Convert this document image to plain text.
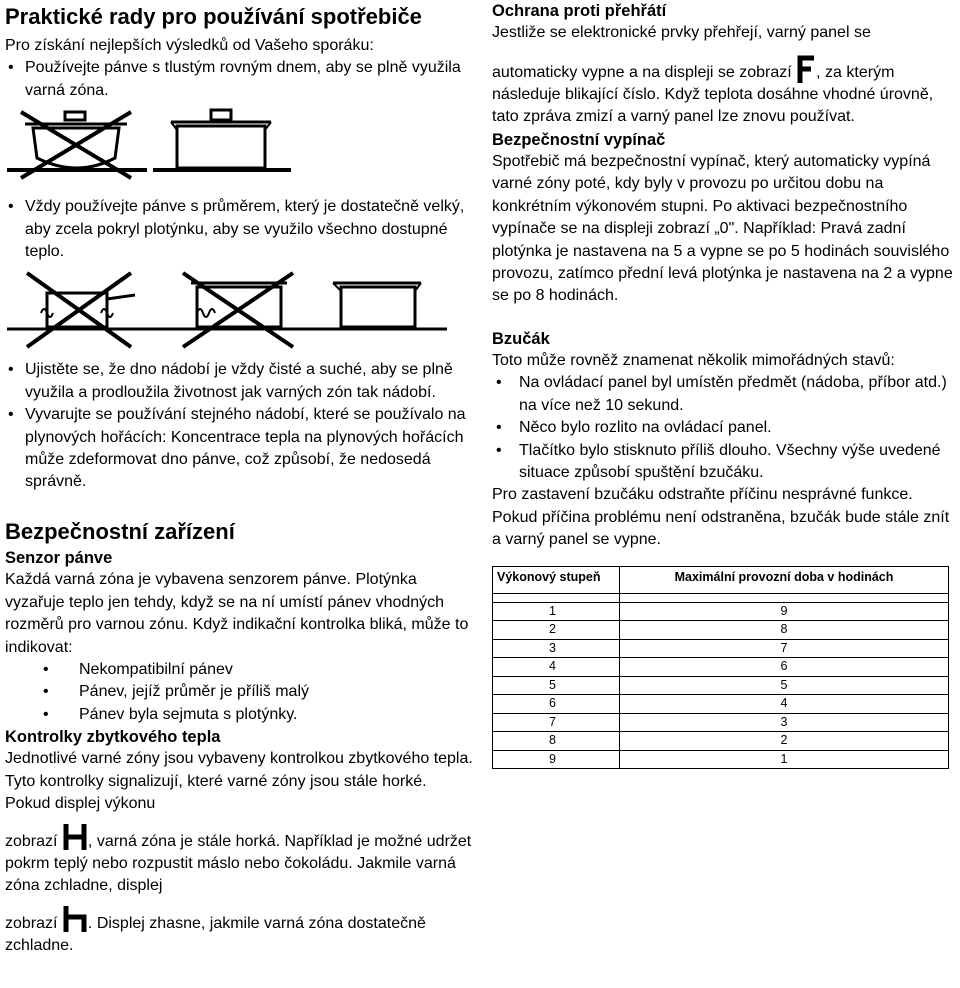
Praktické rady pro používání spotřebiče

Pro získání nejlepších výsledků od Vašeho sporáku:

• Používejte pánve s tlustým rovným dnem, aby se plně využila varná zóna.
• Vždy používejte pánve s průměrem, který je dostatečně velký, aby zcela pokryl plotýnku, aby se využilo všechno dostupné teplo.
• Ujistěte se, že dno nádobí je vždy čisté a suché, aby se plně využila a prodloužila životnost jak varných zón tak nádobí.
• Vyvarujte se používání stejného nádobí, které se používalo na plynových hořácích: Koncentrace tepla na plynových hořácích může zdeformovat dno pánve, což způsobí, že nedosedá správně.
Bezpečnostní zařízení
Senzor pánve

Každá varná zóna je vybavena senzorem pánve. Plotýnka vyzařuje teplo jen tehdy, když se na ní umístí pánev vhodných rozměrů pro varnou zónu. Když indikační kontrolka bliká, může to indikovat:

• Nekompatibilní pánev
• Pánev, jejíž průměr je příliš malý
• Pánev byla sejmuta s plotýnky.
Kontrolky zbytkového tepla

Jednotlivé varné zóny jsou vybaveny kontrolkou zbytkového tepla. Tyto kontrolky signalizují, které varné zóny jsou stále horké. Pokud displej výkonu

zobrazí , varná zóna je stále horká. Například je možné udržet pokrm teplý nebo rozpustit máslo nebo čokoládu. Jakmile varná zóna zchladne, displej

zobrazí . Displej zhasne, jakmile varná zóna dostatečně zchladne.

Ochrana proti přehřátí

Jestliže se elektronické prvky přehřejí, varný panel se

automaticky vypne a na displeji se zobrazí , za kterým následuje blikající číslo. Když teplota dosáhne vhodné úrovně, tato zpráva zmizí a varný panel lze znovu používat.

Bezpečnostní vypínač

Spotřebič má bezpečnostní vypínač, který automaticky vypíná varné zóny poté, kdy byly v provozu po určitou dobu na konkrétním výkonovém stupni. Po aktivaci bezpečnostního vypínače se na displeji zobrazí „0". Například: Pravá zadní plotýnka je nastavena na 5 a vypne se po 5 hodinách souvislého provozu, zatímco přední levá plotýnka je nastavena na 2 a vypne se po 8 hodinách.

Bzučák

Toto může rovněž znamenat několik mimořádných stavů:

• Na ovládací panel byl umístěn předmět (nádoba, příbor atd.) na více než 10 sekund.
• Něco bylo rozlito na ovládací panel.
• Tlačítko bylo stisknuto příliš dlouho. Všechny výše uvedené situace způsobí spuštění bzučáku.

Pro zastavení bzučáku odstraňte příčinu nesprávné funkce. Pokud příčina problému není odstraněna, bzučák bude stále znít a varný panel se vypne.

Výkonový stupeň	Maximální provozní doba v hodinách

1	9
2	8
3	7
4	6
5	5
6	4
7	3
8	2
9	1
